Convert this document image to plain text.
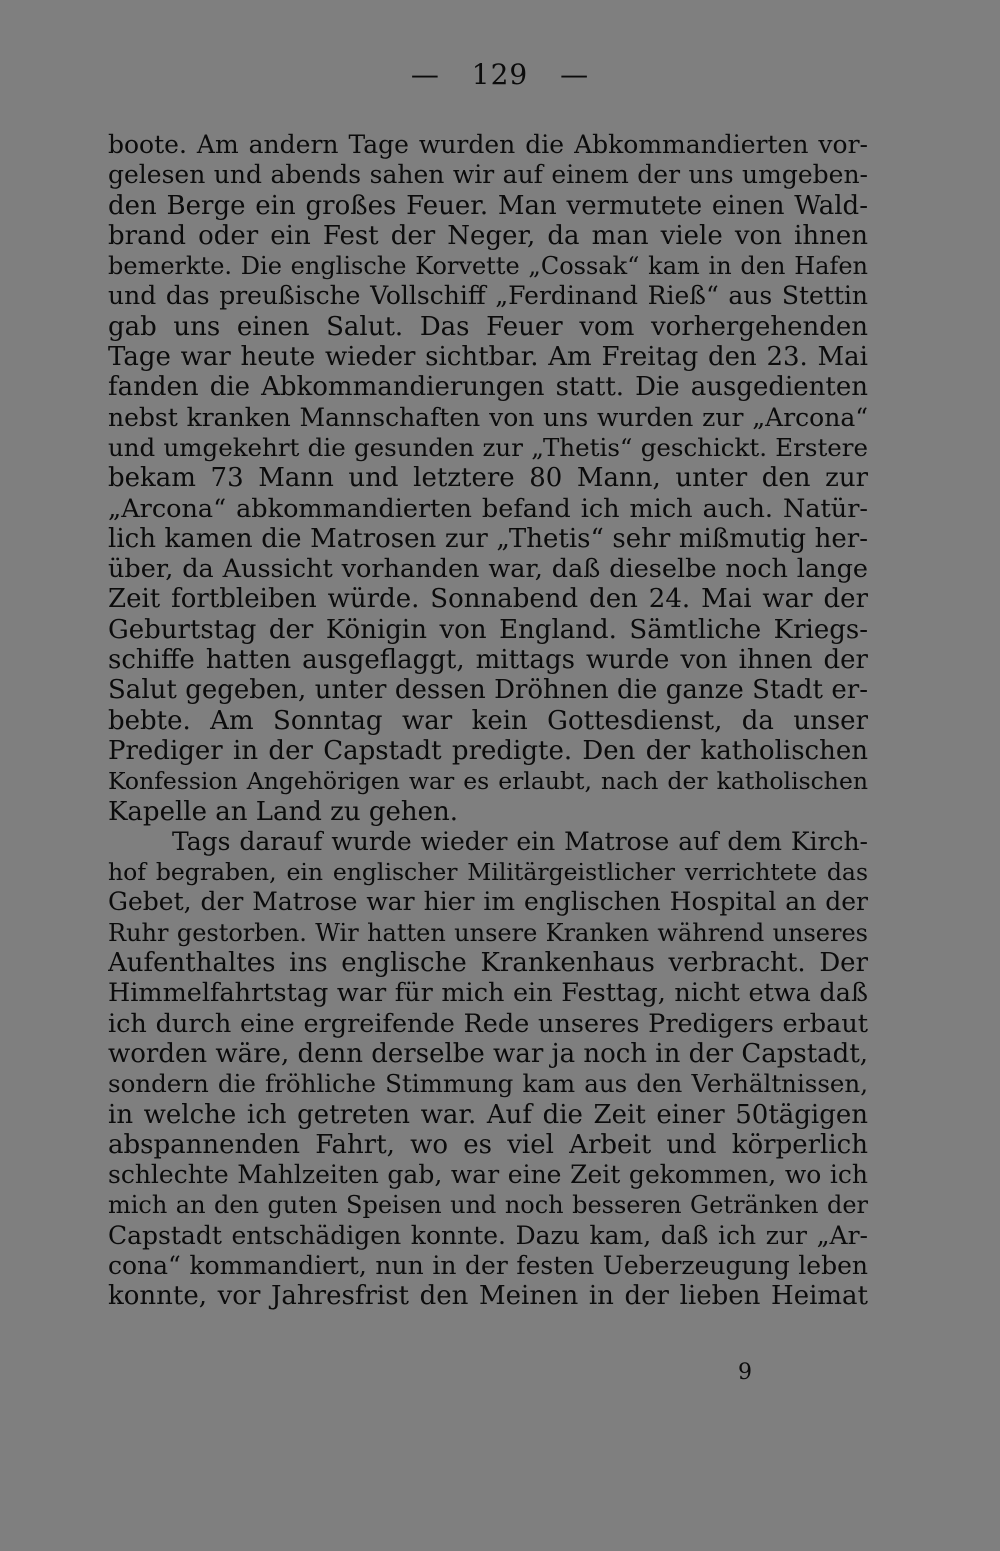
— 129 —
boote. Am andern Tage wurden die Abkommandierten vor-
gelesen und abends sahen wir auf einem der uns umgeben-
den Berge ein großes Feuer. Man vermutete einen Wald-
brand oder ein Fest der Neger, da man viele von ihnen
bemerkte. Die englische Korvette „Cossak“ kam in den Hafen
und das preußische Vollschiff „Ferdinand Rieß“ aus Stettin
gab uns einen Salut. Das Feuer vom vorhergehenden
Tage war heute wieder sichtbar. Am Freitag den 23. Mai
fanden die Abkommandierungen statt. Die ausgedienten
nebst kranken Mannschaften von uns wurden zur „Arcona“
und umgekehrt die gesunden zur „Thetis“ geschickt. Erstere
bekam 73 Mann und letztere 80 Mann, unter den zur
„Arcona“ abkommandierten befand ich mich auch. Natür-
lich kamen die Matrosen zur „Thetis“ sehr mißmutig her-
über, da Aussicht vorhanden war, daß dieselbe noch lange
Zeit fortbleiben würde. Sonnabend den 24. Mai war der
Geburtstag der Königin von England. Sämtliche Kriegs-
schiffe hatten ausgeflaggt, mittags wurde von ihnen der
Salut gegeben, unter dessen Dröhnen die ganze Stadt er-
bebte. Am Sonntag war kein Gottesdienst, da unser
Prediger in der Capstadt predigte. Den der katholischen
Konfession Angehörigen war es erlaubt, nach der katholischen
Kapelle an Land zu gehen.
Tags darauf wurde wieder ein Matrose auf dem Kirch-
hof begraben, ein englischer Militärgeistlicher verrichtete das
Gebet, der Matrose war hier im englischen Hospital an der
Ruhr gestorben. Wir hatten unsere Kranken während unseres
Aufenthaltes ins englische Krankenhaus verbracht. Der
Himmelfahrtstag war für mich ein Festtag, nicht etwa daß
ich durch eine ergreifende Rede unseres Predigers erbaut
worden wäre, denn derselbe war ja noch in der Capstadt,
sondern die fröhliche Stimmung kam aus den Verhältnissen,
in welche ich getreten war. Auf die Zeit einer 50tägigen
abspannenden Fahrt, wo es viel Arbeit und körperlich
schlechte Mahlzeiten gab, war eine Zeit gekommen, wo ich
mich an den guten Speisen und noch besseren Getränken der
Capstadt entschädigen konnte. Dazu kam, daß ich zur „Ar-
cona“ kommandiert, nun in der festen Ueberzeugung leben
konnte, vor Jahresfrist den Meinen in der lieben Heimat
9
